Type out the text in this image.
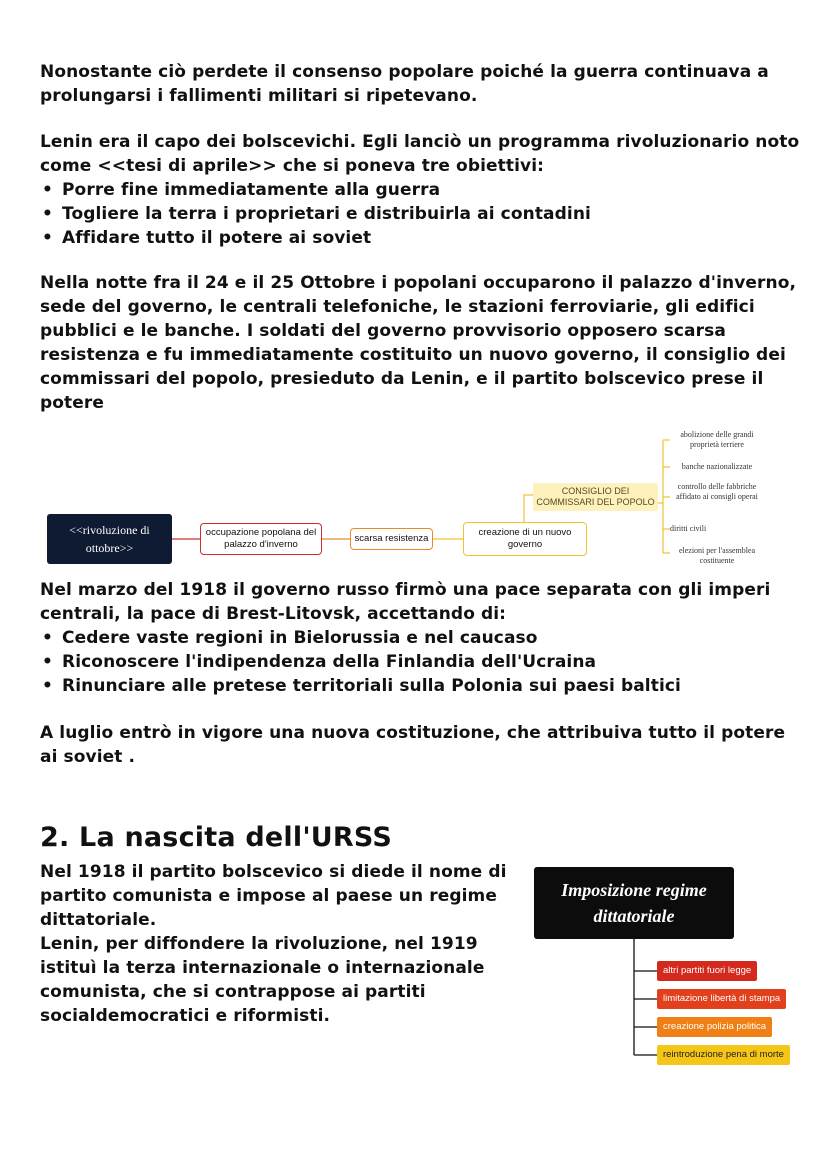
Nonostante ciò perdete il consenso popolare poiché la guerra continuava a prolungarsi i fallimenti militari si ripetevano.

Lenin era il capo dei bolscevichi. Egli lanciò un programma rivoluzionario noto come <<tesi di aprile>> che si poneva tre obiettivi:

• Porre fine immediatamente alla guerra
• Togliere la terra i proprietari e distribuirla ai contadini
• Affidare tutto il potere ai soviet

Nella notte fra il 24 e il 25 Ottobre i popolani occuparono il palazzo d'inverno, sede del governo, le centrali telefoniche, le stazioni ferroviarie, gli edifici pubblici e le banche. I soldati del governo provvisorio opposero scarsa resistenza e fu immediatamente costituito un nuovo governo, il consiglio dei commissari del popolo, presieduto da Lenin, e il partito bolscevico prese il potere

<<rivoluzione di ottobre>>
occupazione popolana del palazzo d'inverno
scarsa resistenza
creazione di un nuovo governo
CONSIGLIO DEI COMMISSARI DEL POPOLO
abolizione delle grandi proprietà terriere
banche nazionalizzate
controllo delle fabbriche affidato ai consigli operai
diritti civili
elezioni per l'assemblea costituente

Nel marzo del 1918 il governo russo firmò una pace separata con gli imperi centrali, la pace di Brest-Litovsk, accettando di:

• Cedere vaste regioni in Bielorussia e nel caucaso
• Riconoscere l'indipendenza della Finlandia dell'Ucraina
• Rinunciare alle pretese territoriali sulla Polonia sui paesi baltici

A luglio entrò in vigore una nuova costituzione, che attribuiva tutto il potere ai soviet .

2. La nascita dell'URSS

Nel 1918 il partito bolscevico si diede il nome di partito comunista e impose al paese un regime dittatoriale.

Lenin, per diffondere la rivoluzione, nel 1919 istituì la terza internazionale o internazionale comunista, che si contrappose ai partiti socialdemocratici e riformisti.

Imposizione regime dittatoriale
altri partiti fuori legge
limitazione libertà di stampa
creazione polizia politica
reintroduzione pena di morte
